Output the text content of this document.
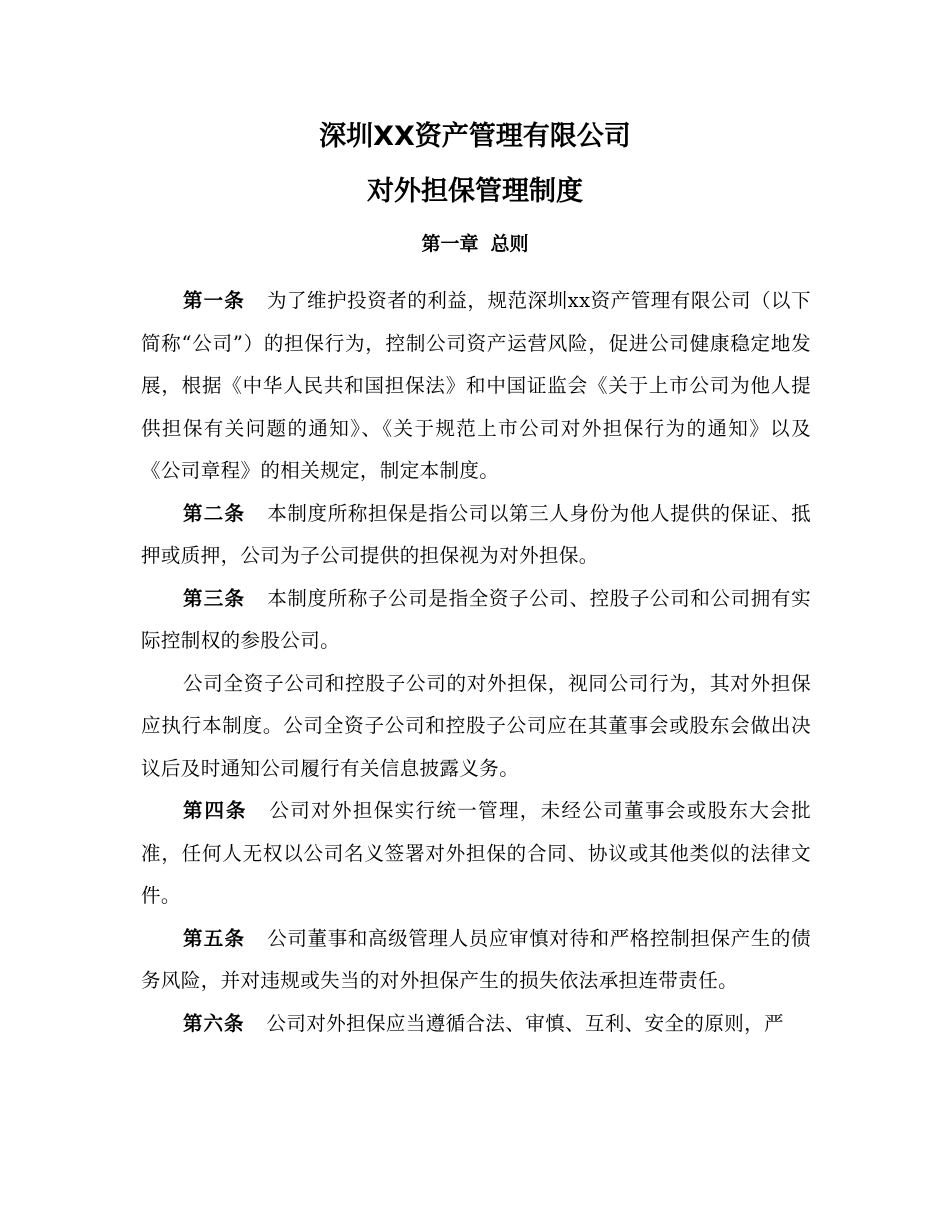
深圳XX资产管理有限公司
对外担保管理制度
第一章 总则

第一条 为了维护投资者的利益，规范深圳xx资产管理有限公司（以下简称“公司”）的担保行为，控制公司资产运营风险，促进公司健康稳定地发展，根据《中华人民共和国担保法》和中国证监会《关于上市公司为他人提供担保有关问题的通知》、《关于规范上市公司对外担保行为的通知》以及《公司章程》的相关规定，制定本制度。

第二条 本制度所称担保是指公司以第三人身份为他人提供的保证、抵押或质押，公司为子公司提供的担保视为对外担保。

第三条 本制度所称子公司是指全资子公司、控股子公司和公司拥有实际控制权的参股公司。

公司全资子公司和控股子公司的对外担保，视同公司行为，其对外担保应执行本制度。公司全资子公司和控股子公司应在其董事会或股东会做出决议后及时通知公司履行有关信息披露义务。

第四条 公司对外担保实行统一管理，未经公司董事会或股东大会批准，任何人无权以公司名义签署对外担保的合同、协议或其他类似的法律文件。

第五条 公司董事和高级管理人员应审慎对待和严格控制担保产生的债务风险，并对违规或失当的对外担保产生的损失依法承担连带责任。

第六条 公司对外担保应当遵循合法、审慎、互利、安全的原则，严
